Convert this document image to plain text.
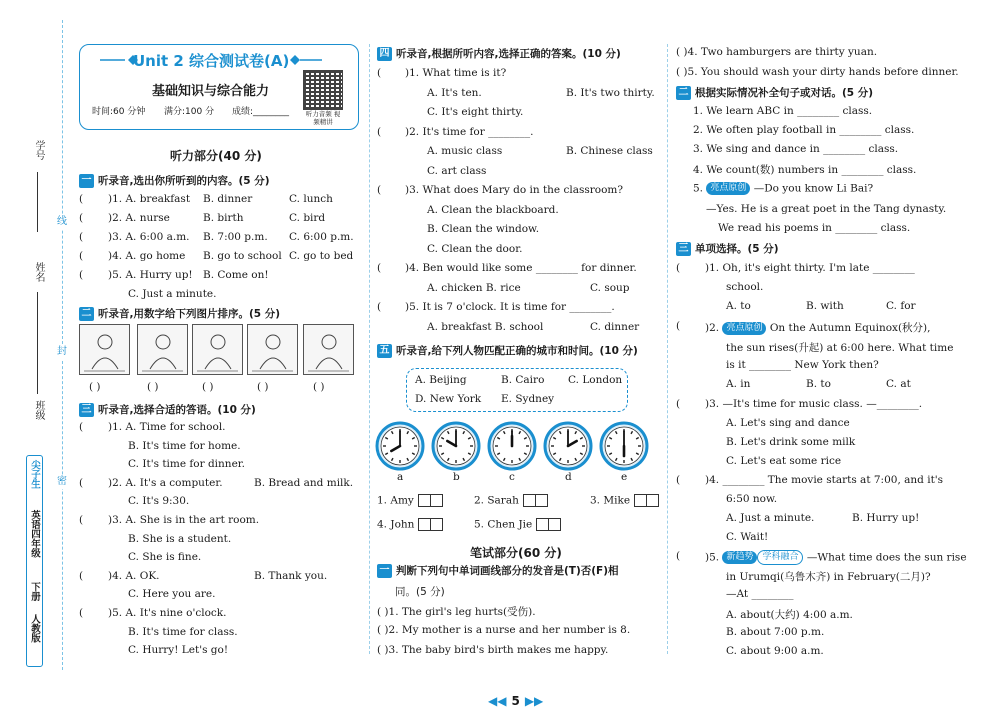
线
封
密
学号
姓名
班级
尖子生
英语四年级
下册
人教版
Unit 2 综合测试卷(A)
基础知识与综合能力
时间:60 分钟 满分:100 分 成绩:________	听力音频 视频精讲
听力部分(40 分)
一 听录音,选出你所听到的内容。(5 分)
( )1. A. breakfast B. dinner	C. lunch
( )2. A. nurse	B. birth	C. bird
( )3. A. 6:00 a.m. B. 7:00 p.m. C. 6:00 p.m.
( )4. A. go home B. go to school C. go to bed
( )5. A. Hurry up! B. Come on!
C. Just a minute.
二 听录音,用数字给下列图片排序。(5 分)
( )	( )	( )	( )	( )
三 听录音,选择合适的答语。(10 分)
( )1. A. Time for school.
B. It's time for home.
C. It's time for dinner.
( )2. A. It's a computer.	B. Bread and milk.
C. It's 9:30.
( )3. A. She is in the art room.
B. She is a student.
C. She is fine.
( )4. A. OK.	B. Thank you.
C. Here you are.
( )5. A. It's nine o'clock.
B. It's time for class.
C. Hurry! Let's go!
四 听录音,根据所听内容,选择正确的答案。(10 分)
( )1. What time is it?
A. It's ten.	B. It's two thirty.
C. It's eight thirty.
( )2. It's time for ________.
A. music class	B. Chinese class
C. art class
( )3. What does Mary do in the classroom?
A. Clean the blackboard.
B. Clean the window.
C. Clean the door.
( )4. Ben would like some ________ for dinner.
A. chicken B. rice	C. soup
( )5. It is 7 o'clock. It is time for ________.
A. breakfast B. school	C. dinner
五 听录音,给下列人物匹配正确的城市和时间。(10 分)
A. Beijing	B. Cairo C. London
D. New York E. Sydney
a	b	c	d	e
1. Amy	2. Sarah	3. Mike
4. John	5. Chen Jie
笔试部分(60 分)
一 判断下列句中单词画线部分的发音是(T)否(F)相
同。(5 分)
( )1. The girl's leg hurts(受伤).
( )2. My mother is a nurse and her number is 8.
( )3. The baby bird's birth makes me happy.
( )4. Two hamburgers are thirty yuan.
( )5. You should wash your dirty hands before dinner.
二 根据实际情况补全句子或对话。(5 分)
1. We learn ABC in ________ class.
2. We often play football in ________ class.
3. We sing and dance in ________ class.
4. We count(数) numbers in ________ class.
5. 亮点原创 —Do you know Li Bai?
—Yes. He is a great poet in the Tang dynasty.
We read his poems in ________ class.
三 单项选择。(5 分)
( )1. Oh, it's eight thirty. I'm late ________
school.
A. to	B. with	C. for
( )2. 亮点原创 On the Autumn Equinox(秋分),
the sun rises(升起) at 6:00 here. What time
is it ________ New York then?
A. in	B. to	C. at
( )3. —It's time for music class. —________.
A. Let's sing and dance
B. Let's drink some milk
C. Let's eat some rice
( )4. ________ The movie starts at 7:00, and it's
6:50 now.
A. Just a minute.	B. Hurry up!
C. Wait!
( )5. 新趋势 学科融合 —What time does the sun rise
in Urumqi(乌鲁木齐) in February(二月)?
—At ________
A. about(大约) 4:00 a.m.
B. about 7:00 p.m.
C. about 9:00 a.m.
◀◀ 5 ▶▶
